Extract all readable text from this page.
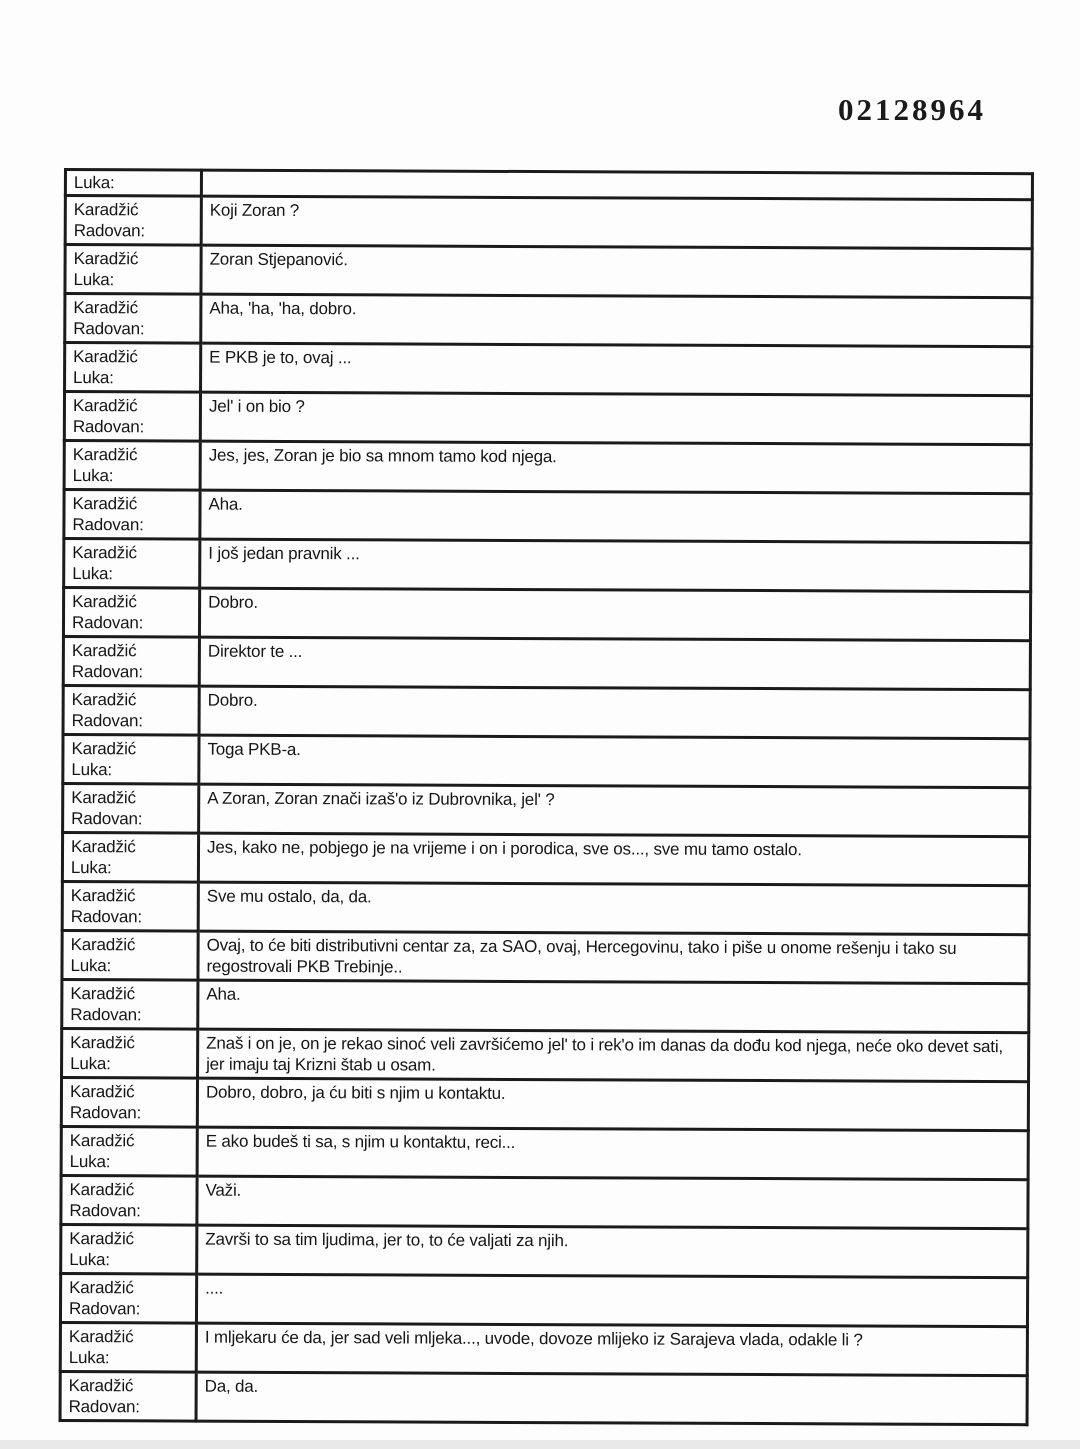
02128964
Luka:	

Karadžić
Radovan:	Koji Zoran ?

Karadžić
Luka:	Zoran Stjepanović.

Karadžić
Radovan:	Aha, 'ha, 'ha, dobro.

Karadžić
Luka:	E PKB je to, ovaj ...

Karadžić
Radovan:	Jel' i on bio ?

Karadžić
Luka:	Jes, jes, Zoran je bio sa mnom tamo kod njega.

Karadžić
Radovan:	Aha.

Karadžić
Luka:	I još jedan pravnik ...

Karadžić
Radovan:	Dobro.

Karadžić
Radovan:	Direktor te ...

Karadžić
Radovan:	Dobro.

Karadžić
Luka:	Toga PKB-a.

Karadžić
Radovan:	A Zoran, Zoran znači izaš'o iz Dubrovnika, jel' ?

Karadžić
Luka:	Jes, kako ne, pobjego je na vrijeme i on i porodica, sve os..., sve mu tamo ostalo.

Karadžić
Radovan:	Sve mu ostalo, da, da.

Karadžić
Luka:	Ovaj, to će biti distributivni centar za, za SAO, ovaj, Hercegovinu, tako i piše u onome rešenju i tako su regostrovali PKB Trebinje..

Karadžić
Radovan:	Aha.

Karadžić
Luka:	Znaš i on je, on je rekao sinoć veli završićemo jel' to i rek'o im danas da dođu kod njega, neće oko devet sati, jer imaju taj Krizni štab u osam.

Karadžić
Radovan:	Dobro, dobro, ja ću biti s njim u kontaktu.

Karadžić
Luka:	E ako budeš ti sa, s njim u kontaktu, reci...

Karadžić
Radovan:	Važi.

Karadžić
Luka:	Završi to sa tim ljudima, jer to, to će valjati za njih.

Karadžić
Radovan:	....

Karadžić
Luka:	I mljekaru će da, jer sad veli mljeka..., uvode, dovoze mlijeko iz Sarajeva vlada, odakle li ?

Karadžić
Radovan:	Da, da.
